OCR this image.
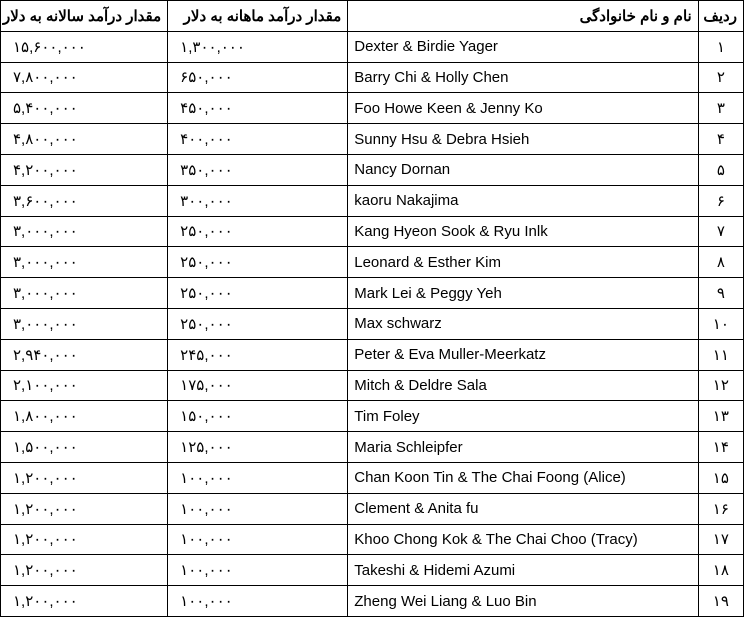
ردیف	نام و نام خانوادگی	مقدار درآمد ماهانه به دلار	مقدار درآمد سالانه به دلار
۱	Dexter & Birdie Yager	۱,۳۰۰,۰۰۰	۱۵,۶۰۰,۰۰۰
۲	Barry Chi & Holly Chen	۶۵۰,۰۰۰	۷,۸۰۰,۰۰۰
۳	Foo Howe Keen & Jenny Ko	۴۵۰,۰۰۰	۵,۴۰۰,۰۰۰
۴	Sunny Hsu & Debra Hsieh	۴۰۰,۰۰۰	۴,۸۰۰,۰۰۰
۵	Nancy Dornan	۳۵۰,۰۰۰	۴,۲۰۰,۰۰۰
۶	kaoru Nakajima	۳۰۰,۰۰۰	۳,۶۰۰,۰۰۰
۷	Kang Hyeon Sook & Ryu Inlk	۲۵۰,۰۰۰	۳,۰۰۰,۰۰۰
۸	Leonard & Esther Kim	۲۵۰,۰۰۰	۳,۰۰۰,۰۰۰
۹	Mark Lei & Peggy Yeh	۲۵۰,۰۰۰	۳,۰۰۰,۰۰۰
۱۰	Max schwarz	۲۵۰,۰۰۰	۳,۰۰۰,۰۰۰
۱۱	Peter & Eva Muller-Meerkatz	۲۴۵,۰۰۰	۲,۹۴۰,۰۰۰
۱۲	Mitch & Deldre Sala	۱۷۵,۰۰۰	۲,۱۰۰,۰۰۰
۱۳	Tim Foley	۱۵۰,۰۰۰	۱,۸۰۰,۰۰۰
۱۴	Maria Schleipfer	۱۲۵,۰۰۰	۱,۵۰۰,۰۰۰
۱۵	Chan Koon Tin & The Chai Foong (Alice)	۱۰۰,۰۰۰	۱,۲۰۰,۰۰۰
۱۶	Clement & Anita fu	۱۰۰,۰۰۰	۱,۲۰۰,۰۰۰
۱۷	Khoo Chong Kok & The Chai Choo (Tracy)	۱۰۰,۰۰۰	۱,۲۰۰,۰۰۰
۱۸	Takeshi & Hidemi Azumi	۱۰۰,۰۰۰	۱,۲۰۰,۰۰۰
۱۹	Zheng Wei Liang & Luo Bin	۱۰۰,۰۰۰	۱,۲۰۰,۰۰۰
